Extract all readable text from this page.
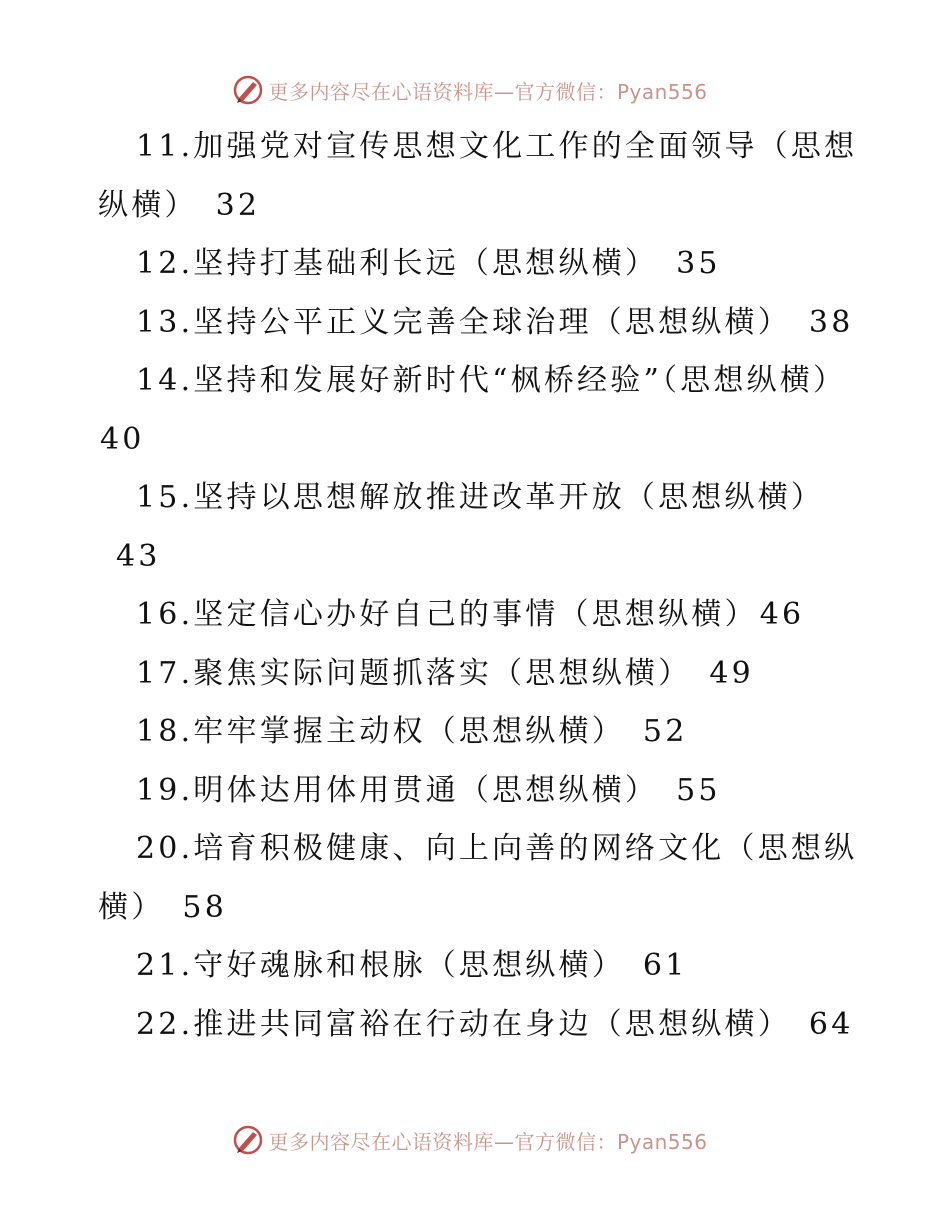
更多内容尽在心语资料库—官方微信：Pyan556

11.加强党对宣传思想文化工作的全面领导（思想纵横） 32

12.坚持打基础利长远（思想纵横） 35

13.坚持公平正义完善全球治理（思想纵横） 38

14.坚持和发展好新时代“枫桥经验”（思想纵横）40

15.坚持以思想解放推进改革开放（思想纵横）43

16.坚定信心办好自己的事情（思想纵横）46

17.聚焦实际问题抓落实（思想纵横） 49

18.牢牢掌握主动权（思想纵横） 52

19.明体达用体用贯通（思想纵横） 55

20.培育积极健康、向上向善的网络文化（思想纵横） 58

21.守好魂脉和根脉（思想纵横） 61

22.推进共同富裕在行动在身边（思想纵横） 64

更多内容尽在心语资料库—官方微信：Pyan556
